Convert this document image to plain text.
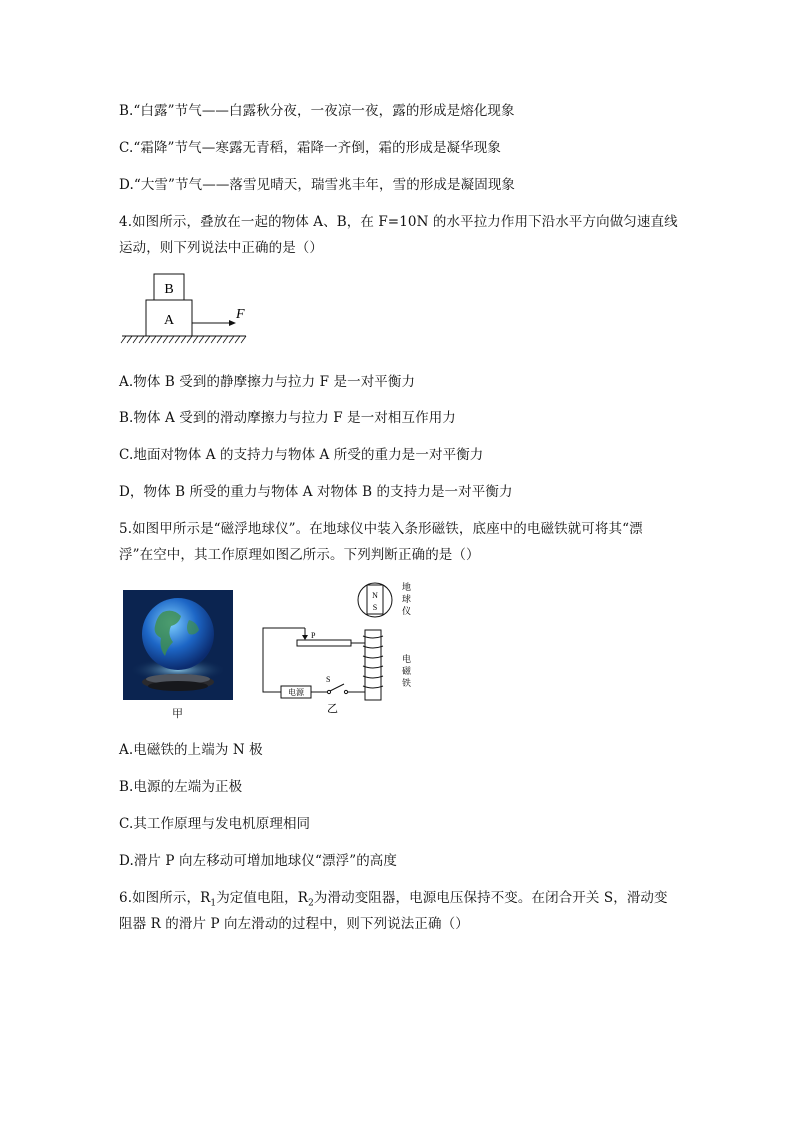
B.“白露”节气——白露秋分夜，一夜凉一夜，露的形成是熔化现象
C.“霜降”节气—寒露无青稻，霜降一齐倒，霜的形成是凝华现象
D.“大雪”节气——落雪见晴天，瑞雪兆丰年，雪的形成是凝固现象
4.如图所示，叠放在一起的物体 A、B，在 F=10N 的水平拉力作用下沿水平方向做匀速直线
运动，则下列说法中正确的是（）
B
A	F
A.物体 B 受到的静摩擦力与拉力 F 是一对平衡力
B.物体 A 受到的滑动摩擦力与拉力 F 是一对相互作用力
C.地面对物体 A 的支持力与物体 A 所受的重力是一对平衡力
D，物体 B 所受的重力与物体 A 对物体 B 的支持力是一对平衡力
5.如图甲所示是“磁浮地球仪”。在地球仪中装入条形磁铁，底座中的电磁铁就可将其“漂
浮”在空中，其工作原理如图乙所示。下列判断正确的是（）
甲
N
S
地
球
仪
电
磁
铁
P
电源
S
乙
A.电磁铁的上端为 N 极
B.电源的左端为正极
C.其工作原理与发电机原理相同
D.滑片 P 向左移动可增加地球仪“漂浮”的高度
6.如图所示，$R_1$为定值电阻，$R_2$为滑动变阻器，电源电压保持不变。在闭合开关 S，滑动变
阻器 R 的滑片 P 向左滑动的过程中，则下列说法正确（）
